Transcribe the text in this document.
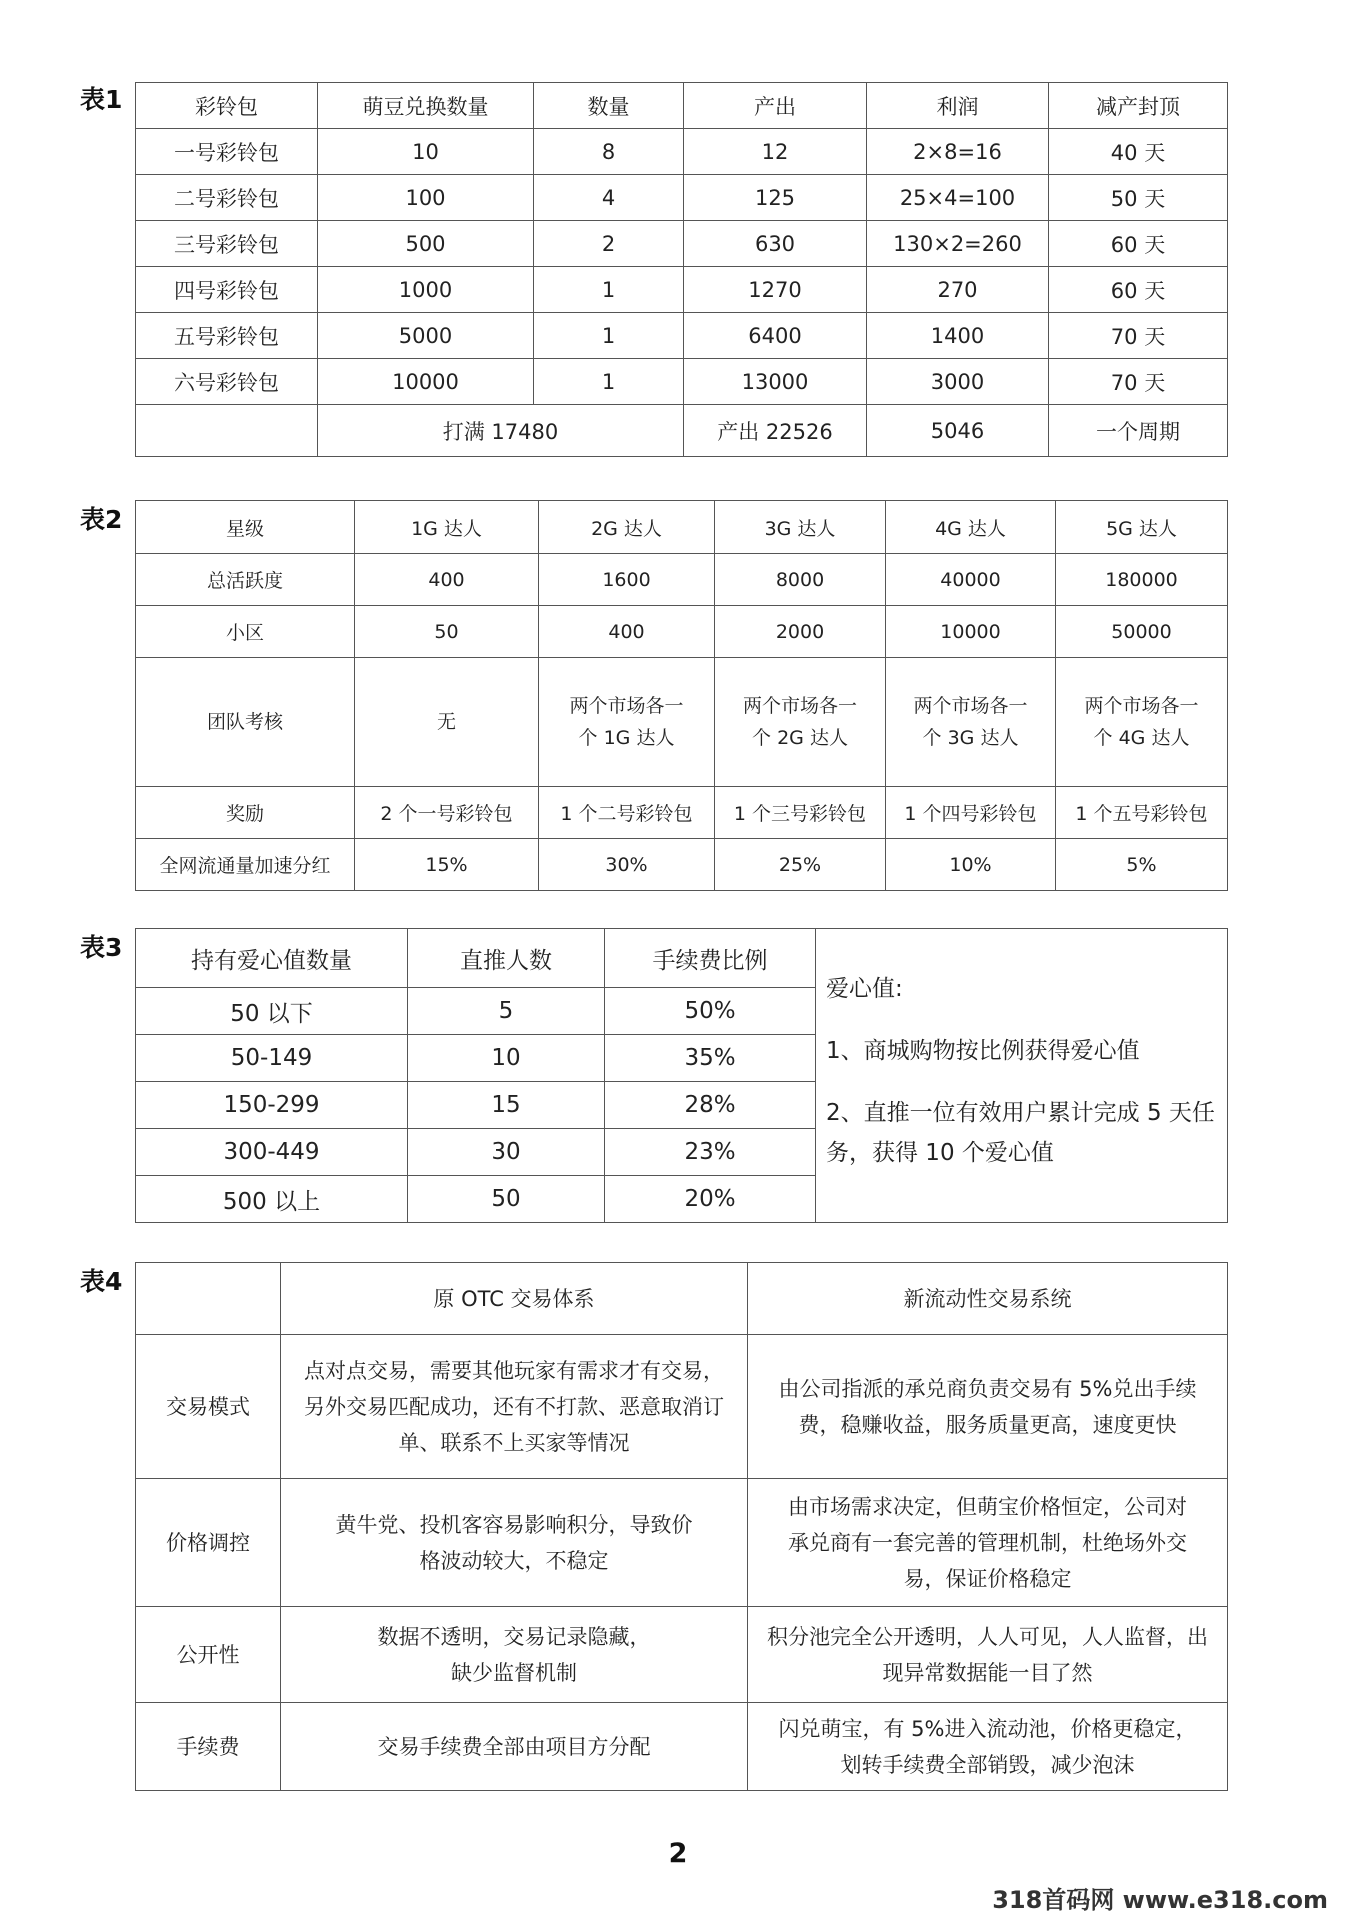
表1	彩铃包	萌豆兑换数量	数量	产出	利润	减产封顶
一号彩铃包	10	8	12	2×8=16	40 天
二号彩铃包	100	4	125	25×4=100	50 天
三号彩铃包	500	2	630	130×2=260	60 天
四号彩铃包	1000	1	1270	270	60 天
五号彩铃包	5000	1	6400	1400	70 天
六号彩铃包	10000	1	13000	3000	70 天
	打满 17480		产出 22526	5046	一个周期
表2	星级	1G 达人	2G 达人	3G 达人	4G 达人	5G 达人
总活跃度	400	1600	8000	40000	180000
小区	50	400	2000	10000	50000
团队考核	无	两个市场各一个 1G 达人	两个市场各一个 2G 达人	两个市场各一个 3G 达人	两个市场各一个 4G 达人
奖励	2 个一号彩铃包	1 个二号彩铃包	1 个三号彩铃包	1 个四号彩铃包	1 个五号彩铃包
全网流通量加速分红	15%	30%	25%	10%	5%
表3	持有爱心值数量	直推人数	手续费比例	爱心值:

1、商城购物按比例获得爱心值

2、直推一位有效用户累计完成 5 天任务，获得 10 个爱心值

50 以下	5	50%	
50-149	10	35%	
150-299	15	28%	
300-449	30	23%	
500 以上	50	20%	
表4
	原 OTC 交易体系	新流动性交易系统
交易模式	点对点交易，需要其他玩家有需求才有交易，另外交易匹配成功，还有不打款、恶意取消订单、联系不上买家等情况	由公司指派的承兑商负责交易有 5%兑出手续费，稳赚收益，服务质量更高，速度更快
价格调控	黄牛党、投机客容易影响积分，导致价格波动较大，不稳定	由市场需求决定，但萌宝价格恒定，公司对承兑商有一套完善的管理机制，杜绝场外交易，保证价格稳定
公开性	数据不透明，交易记录隐藏，缺少监督机制	积分池完全公开透明，人人可见，人人监督，出现异常数据能一目了然
手续费	交易手续费全部由项目方分配	闪兑萌宝，有 5%进入流动池，价格更稳定，划转手续费全部销毁，减少泡沫
2
318首码网 www.e318.com
